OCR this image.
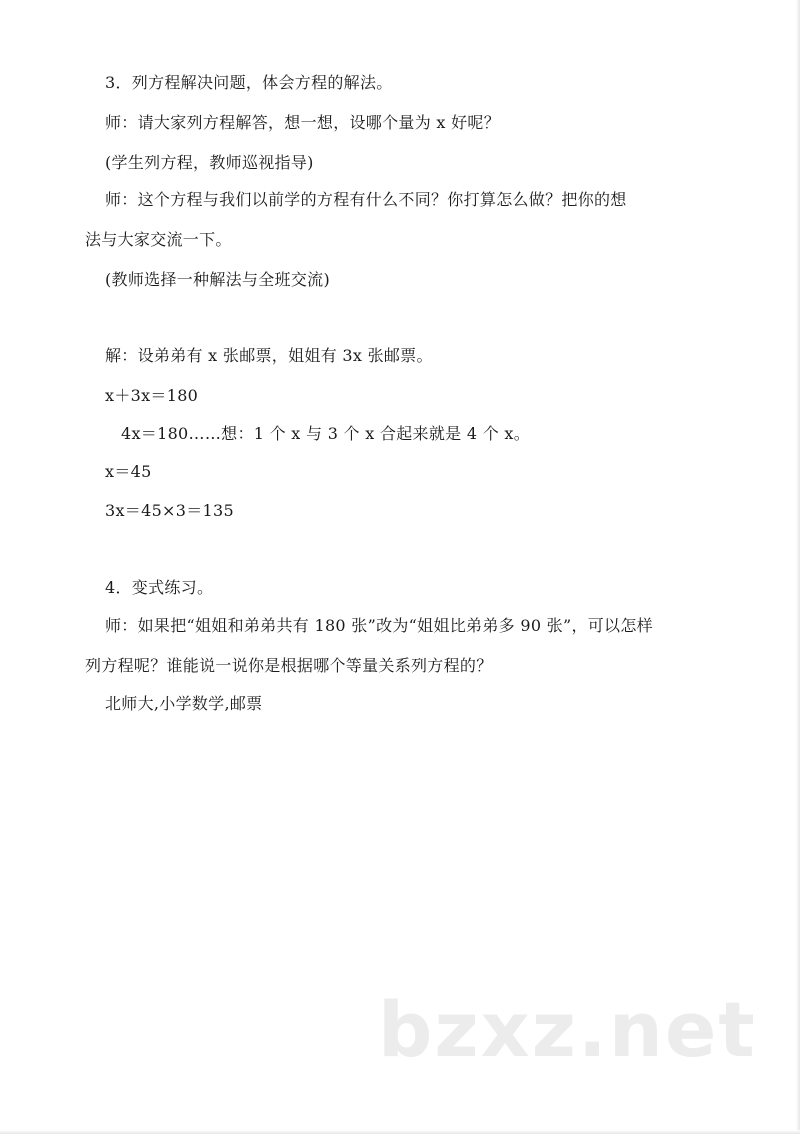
3．列方程解决问题，体会方程的解法。
师：请大家列方程解答，想一想，设哪个量为 x 好呢？
(学生列方程，教师巡视指导)
师：这个方程与我们以前学的方程有什么不同？你打算怎么做？把你的想
法与大家交流一下。
(教师选择一种解法与全班交流)
解：设弟弟有 x 张邮票，姐姐有 3x 张邮票。
x＋3x＝180
4x＝180……想：1 个 x 与 3 个 x 合起来就是 4 个 x。
x＝45
3x＝45×3＝135
4．变式练习。
师：如果把“姐姐和弟弟共有 180 张”改为“姐姐比弟弟多 90 张”，可以怎样
列方程呢？谁能说一说你是根据哪个等量关系列方程的？
北师大,小学数学,邮票
bzxz.net
